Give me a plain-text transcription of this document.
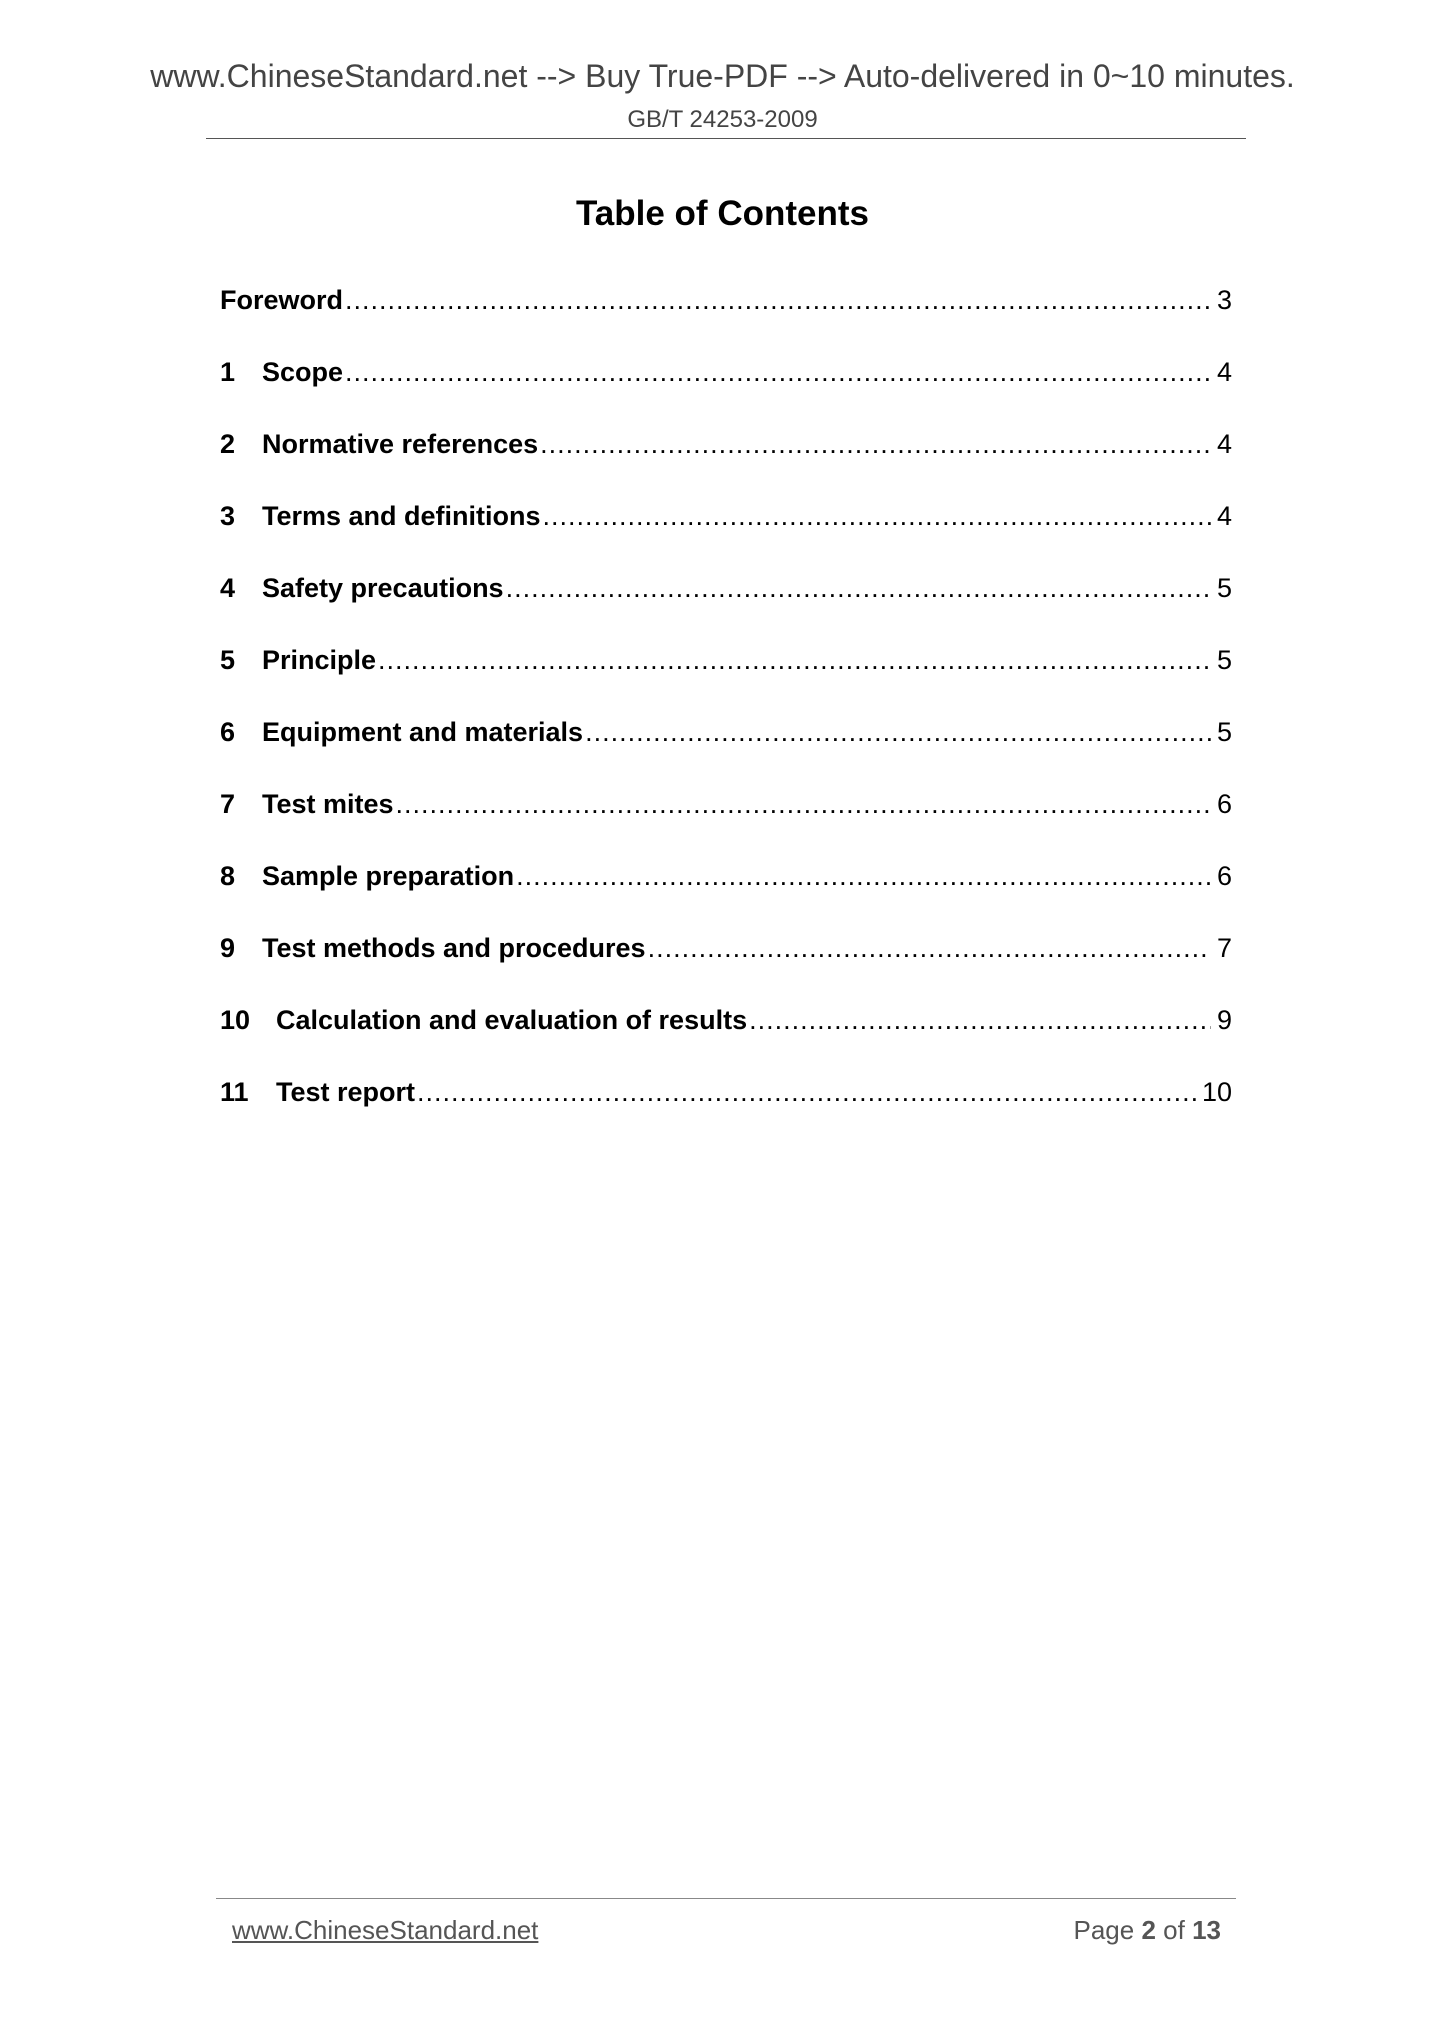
www.ChineseStandard.net --> Buy True-PDF --> Auto-delivered in 0~10 minutes.
GB/T 24253-2009
Table of Contents
Foreword .....	3
1 Scope .....	4
2 Normative references .....	4
3 Terms and definitions .....	4
4 Safety precautions .....	5
5 Principle .....	5
6 Equipment and materials .....	5
7 Test mites .....	6
8 Sample preparation .....	6
9 Test methods and procedures .....	7
10 Calculation and evaluation of results .....	9
11	Test report .....	10
www.ChineseStandard.net	Page 2 of 13
